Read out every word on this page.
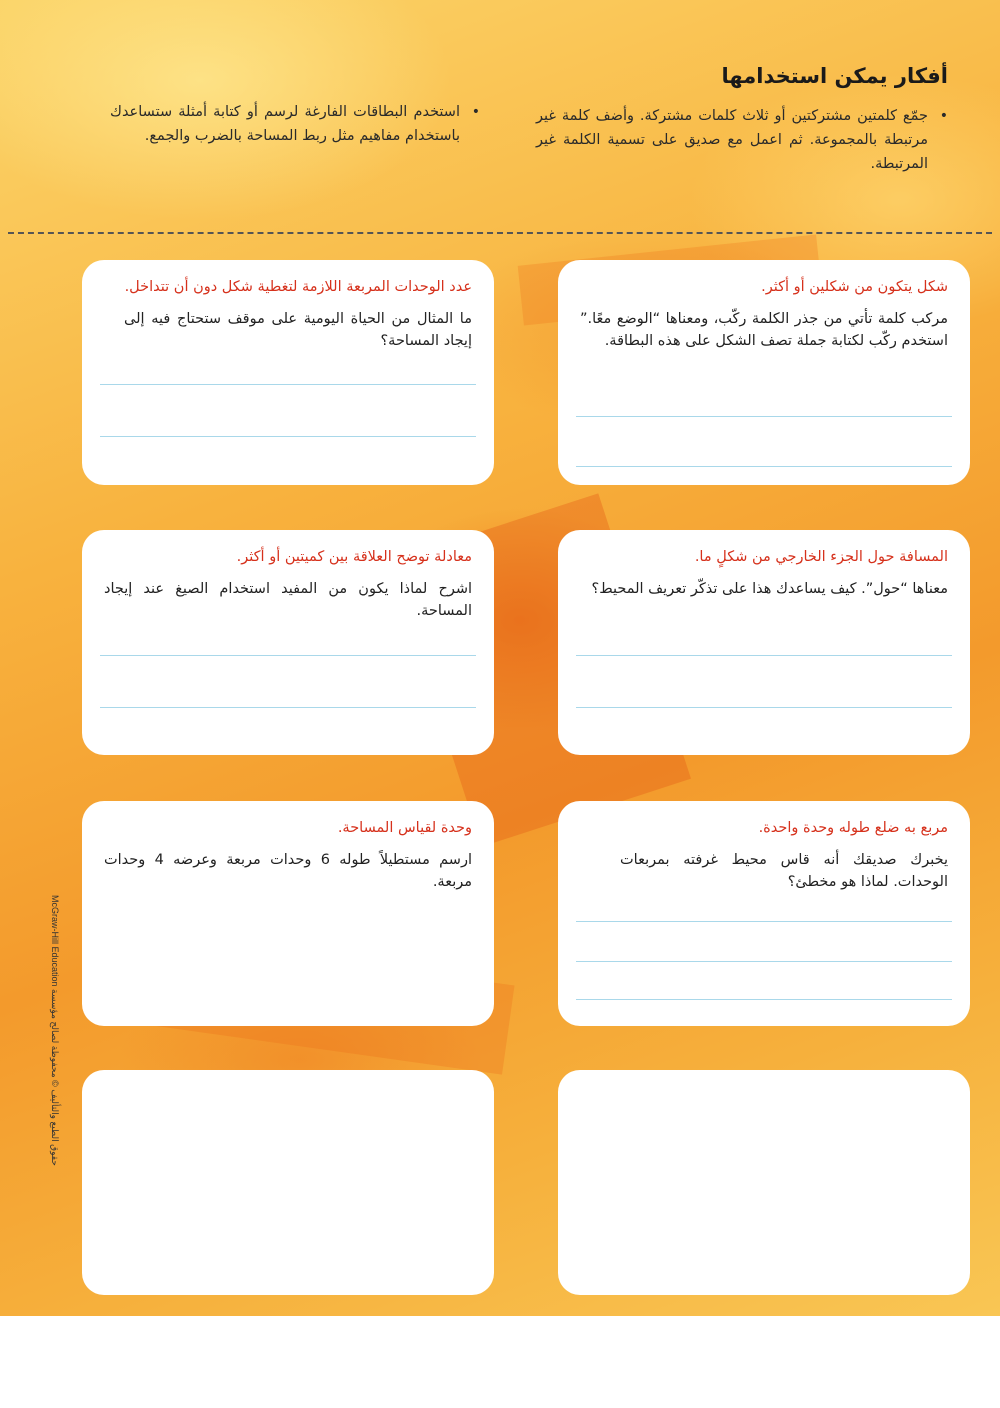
أفكار يمكن استخدامها
•
جمّع كلمتين مشتركتين أو ثلاث كلمات مشتركة. وأضف كلمة غير مرتبطة بالمجموعة. ثم اعمل مع صديق على تسمية الكلمة غير المرتبطة.
•
استخدم البطاقات الفارغة لرسم أو كتابة أمثلة ستساعدك باستخدام مفاهيم مثل ربط المساحة بالضرب والجمع.
شكل يتكون من شكلين أو أكثر.
مركب كلمة تأتي من جذر الكلمة ركّب، ومعناها “الوضع معًا.” استخدم ركّب لكتابة جملة تصف الشكل على هذه البطاقة.
عدد الوحدات المربعة اللازمة لتغطية شكل دون أن تتداخل.
ما المثال من الحياة اليومية على موقف ستحتاج فيه إلى إيجاد المساحة؟
المسافة حول الجزء الخارجي من شكلٍ ما.
معناها “حول”. كيف يساعدك هذا على تذكّر تعريف المحيط؟
معادلة توضح العلاقة بين كميتين أو أكثر.
اشرح لماذا يكون من المفيد استخدام الصيغ عند إيجاد المساحة.
مربع به ضلع طوله وحدة واحدة.
يخبرك صديقك أنه قاس محيط غرفته بمربعات الوحدات. لماذا هو مخطئ؟
وحدة لقياس المساحة.
ارسم مستطيلاً طوله 6 وحدات مربعة وعرضه 4 وحدات مربعة.
McGraw-Hill Education حقوق الطبع والتأليف © محفوظة لصالح مؤسسة
